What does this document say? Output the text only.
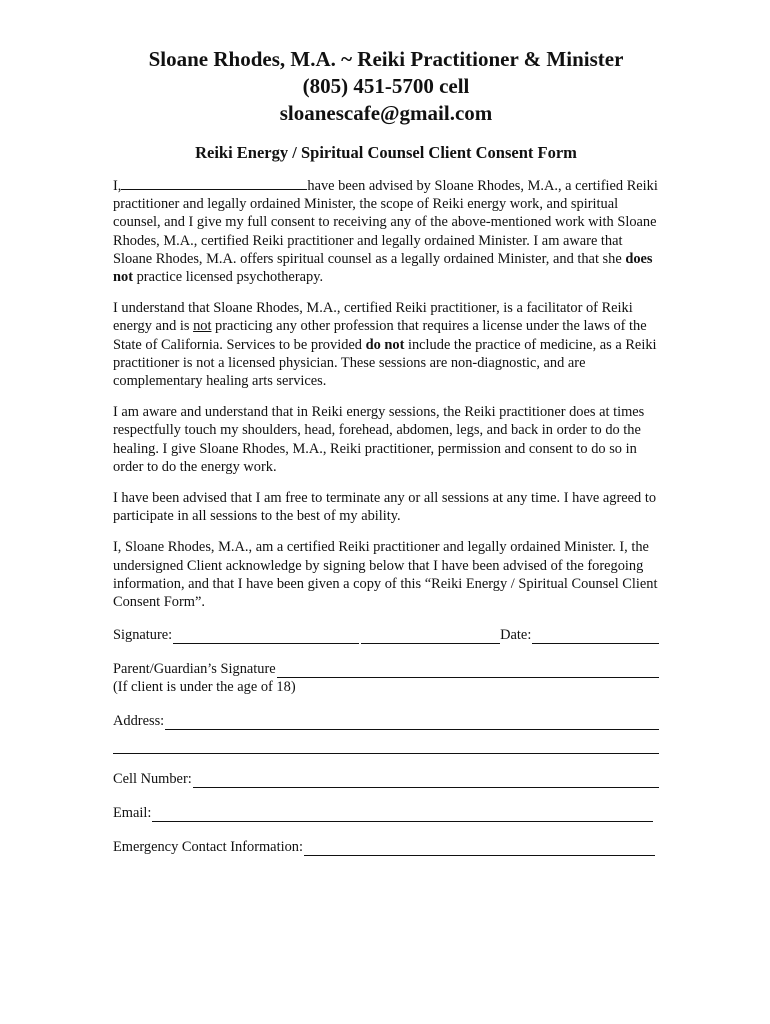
Sloane Rhodes, M.A. ~ Reiki Practitioner & Minister
(805) 451-5700 cell
sloanescafe@gmail.com
Reiki Energy / Spiritual Counsel Client Consent Form

I,	have been advised by Sloane Rhodes, M.A., a certified Reiki practitioner and legally ordained Minister, the scope of Reiki energy work, and spiritual counsel, and I give my full consent to receiving any of the above-mentioned work with Sloane Rhodes, M.A., certified Reiki practitioner and legally ordained Minister. I am aware that Sloane Rhodes, M.A. offers spiritual counsel as a legally ordained Minister, and that she does not practice licensed psychotherapy.

I understand that Sloane Rhodes, M.A., certified Reiki practitioner, is a facilitator of Reiki energy and is not practicing any other profession that requires a license under the laws of the State of California. Services to be provided do not include the practice of medicine, as a Reiki practitioner is not a licensed physician. These sessions are non-diagnostic, and are complementary healing arts services.

I am aware and understand that in Reiki energy sessions, the Reiki practitioner does at times respectfully touch my shoulders, head, forehead, abdomen, legs, and back in order to do the healing. I give Sloane Rhodes, M.A., Reiki practitioner, permission and consent to do so in order to do the energy work.

I have been advised that I am free to terminate any or all sessions at any time. I have agreed to participate in all sessions to the best of my ability.

I, Sloane Rhodes, M.A., am a certified Reiki practitioner and legally ordained Minister. I, the undersigned Client acknowledge by signing below that I have been advised of the foregoing information, and that I have been given a copy of this “Reiki Energy / Spiritual Counsel Client Consent Form”.

Signature:	Date:
Parent/Guardian’s Signature
(If client is under the age of 18)
Address:
Cell Number:
Email:
Emergency Contact Information:
